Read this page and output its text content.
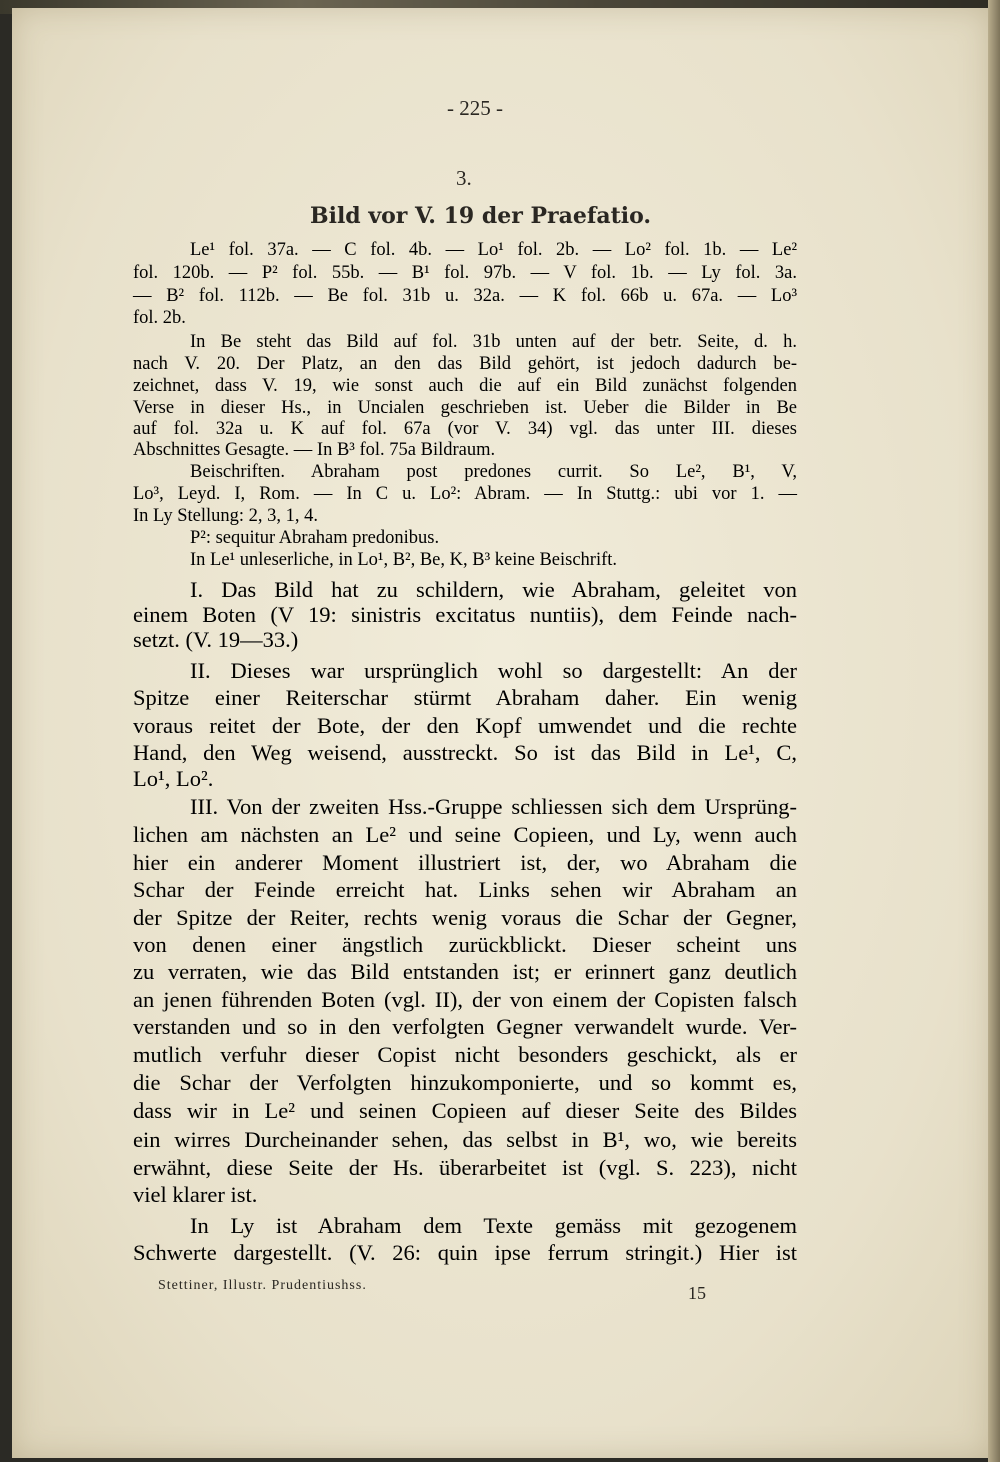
- 225 -
3.
Bild vor V. 19 der Praefatio.
Le¹ fol. 37a. — C fol. 4b. — Lo¹ fol. 2b. — Lo² fol. 1b. — Le²
fol. 120b. — P² fol. 55b. — B¹ fol. 97b. — V fol. 1b. — Ly fol. 3a.
— B² fol. 112b. — Be fol. 31b u. 32a. — K fol. 66b u. 67a. — Lo³
fol. 2b.
In Be steht das Bild auf fol. 31b unten auf der betr. Seite, d. h.
nach V. 20. Der Platz, an den das Bild gehört, ist jedoch dadurch be-
zeichnet, dass V. 19, wie sonst auch die auf ein Bild zunächst folgenden
Verse in dieser Hs., in Uncialen geschrieben ist. Ueber die Bilder in Be
auf fol. 32a u. K auf fol. 67a (vor V. 34) vgl. das unter III. dieses
Abschnittes Gesagte. — In B³ fol. 75a Bildraum.
Beischriften. Abraham post predones currit. So Le², B¹, V,
Lo³, Leyd. I, Rom. — In C u. Lo²: Abram. — In Stuttg.: ubi vor 1. —
In Ly Stellung: 2, 3, 1, 4.
P²: sequitur Abraham predonibus.
In Le¹ unleserliche, in Lo¹, B², Be, K, B³ keine Beischrift.
I. Das Bild hat zu schildern, wie Abraham, geleitet von
einem Boten (V 19: sinistris excitatus nuntiis), dem Feinde nach-
setzt. (V. 19—33.)
II. Dieses war ursprünglich wohl so dargestellt: An der
Spitze einer Reiterschar stürmt Abraham daher. Ein wenig
voraus reitet der Bote, der den Kopf umwendet und die rechte
Hand, den Weg weisend, ausstreckt. So ist das Bild in Le¹, C,
Lo¹, Lo².
III. Von der zweiten Hss.-Gruppe schliessen sich dem Ursprüng-
lichen am nächsten an Le² und seine Copieen, und Ly, wenn auch
hier ein anderer Moment illustriert ist, der, wo Abraham die
Schar der Feinde erreicht hat. Links sehen wir Abraham an
der Spitze der Reiter, rechts wenig voraus die Schar der Gegner,
von denen einer ängstlich zurückblickt. Dieser scheint uns
zu verraten, wie das Bild entstanden ist; er erinnert ganz deutlich
an jenen führenden Boten (vgl. II), der von einem der Copisten falsch
verstanden und so in den verfolgten Gegner verwandelt wurde. Ver-
mutlich verfuhr dieser Copist nicht besonders geschickt, als er
die Schar der Verfolgten hinzukomponierte, und so kommt es,
dass wir in Le² und seinen Copieen auf dieser Seite des Bildes
ein wirres Durcheinander sehen, das selbst in B¹, wo, wie bereits
erwähnt, diese Seite der Hs. überarbeitet ist (vgl. S. 223), nicht
viel klarer ist.
In Ly ist Abraham dem Texte gemäss mit gezogenem
Schwerte dargestellt. (V. 26: quin ipse ferrum stringit.) Hier ist
Stettiner, Illustr. Prudentiushss.	15
